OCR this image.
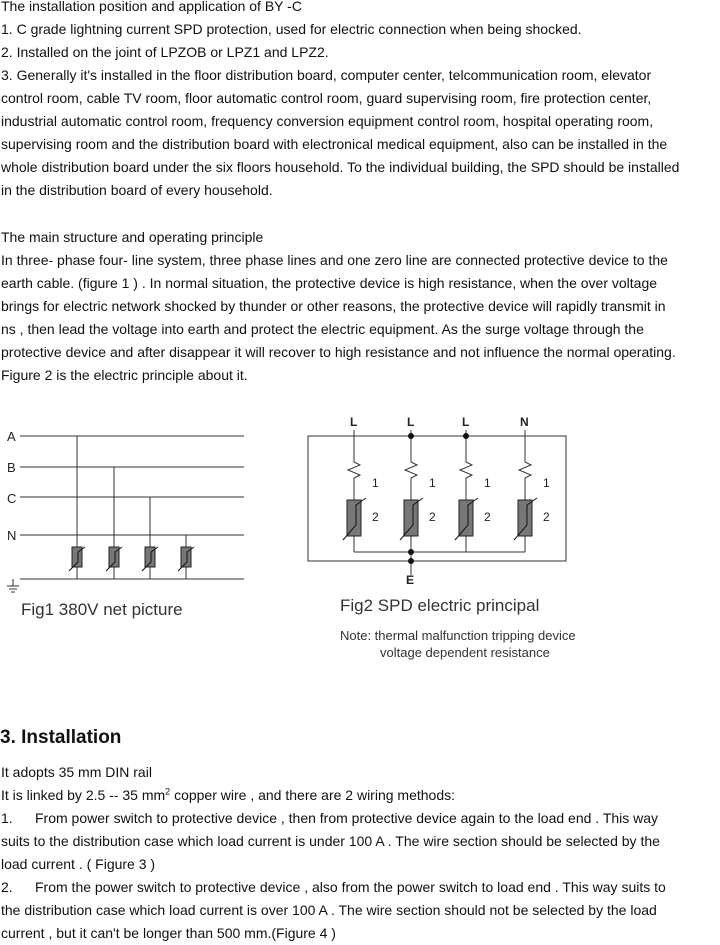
The installation position and application of BY -C
1. C grade lightning current SPD protection, used for electric connection when being shocked.
2. Installed on the joint of LPZOB or LPZ1 and LPZ2.
3. Generally it's installed in the floor distribution board, computer center, telcommunication room, elevator
control room, cable TV room, floor automatic control room, guard supervising room, fire protection center,
industrial automatic control room, frequency conversion equipment control room, hospital operating room,
supervising room and the distribution board with electronical medical equipment, also can be installed in the
whole distribution board under the six floors household. To the individual building, the SPD should be installed
in the distribution board of every household.
The main structure and operating principle
In three- phase four- line system, three phase lines and one zero line are connected protective device to the
earth cable. (figure 1 ) . In normal situation, the protective device is high resistance, when the over voltage
brings for electric network shocked by thunder or other reasons, the protective device will rapidly transmit in
ns , then lead the voltage into earth and protect the electric equipment. As the surge voltage through the
protective device and after disappear it will recover to high resistance and not influence the normal operating.
Figure 2 is the electric principle about it.
A
B
C
N
Fig1 380V net picture
L	L	L	N
E
1	1	1	1
2	2	2	2
Fig2 SPD electric principal
Note: thermal malfunction tripping device
voltage dependent resistance
3. Installation
It adopts 35 mm DIN rail
It is linked by 2.5 -- 35 $mm^2$ copper wire , and there are 2 wiring methods:
1. From power switch to protective device , then from protective device again to the load end . This way
suits to the distribution case which load current is under 100 A . The wire section should be selected by the
load current . ( Figure 3 )
2. From the power switch to protective device , also from the power switch to load end . This way suits to
the distribution case which load current is over 100 A . The wire section should not be selected by the load
current , but it can't be longer than 500 mm.(Figure 4 )
